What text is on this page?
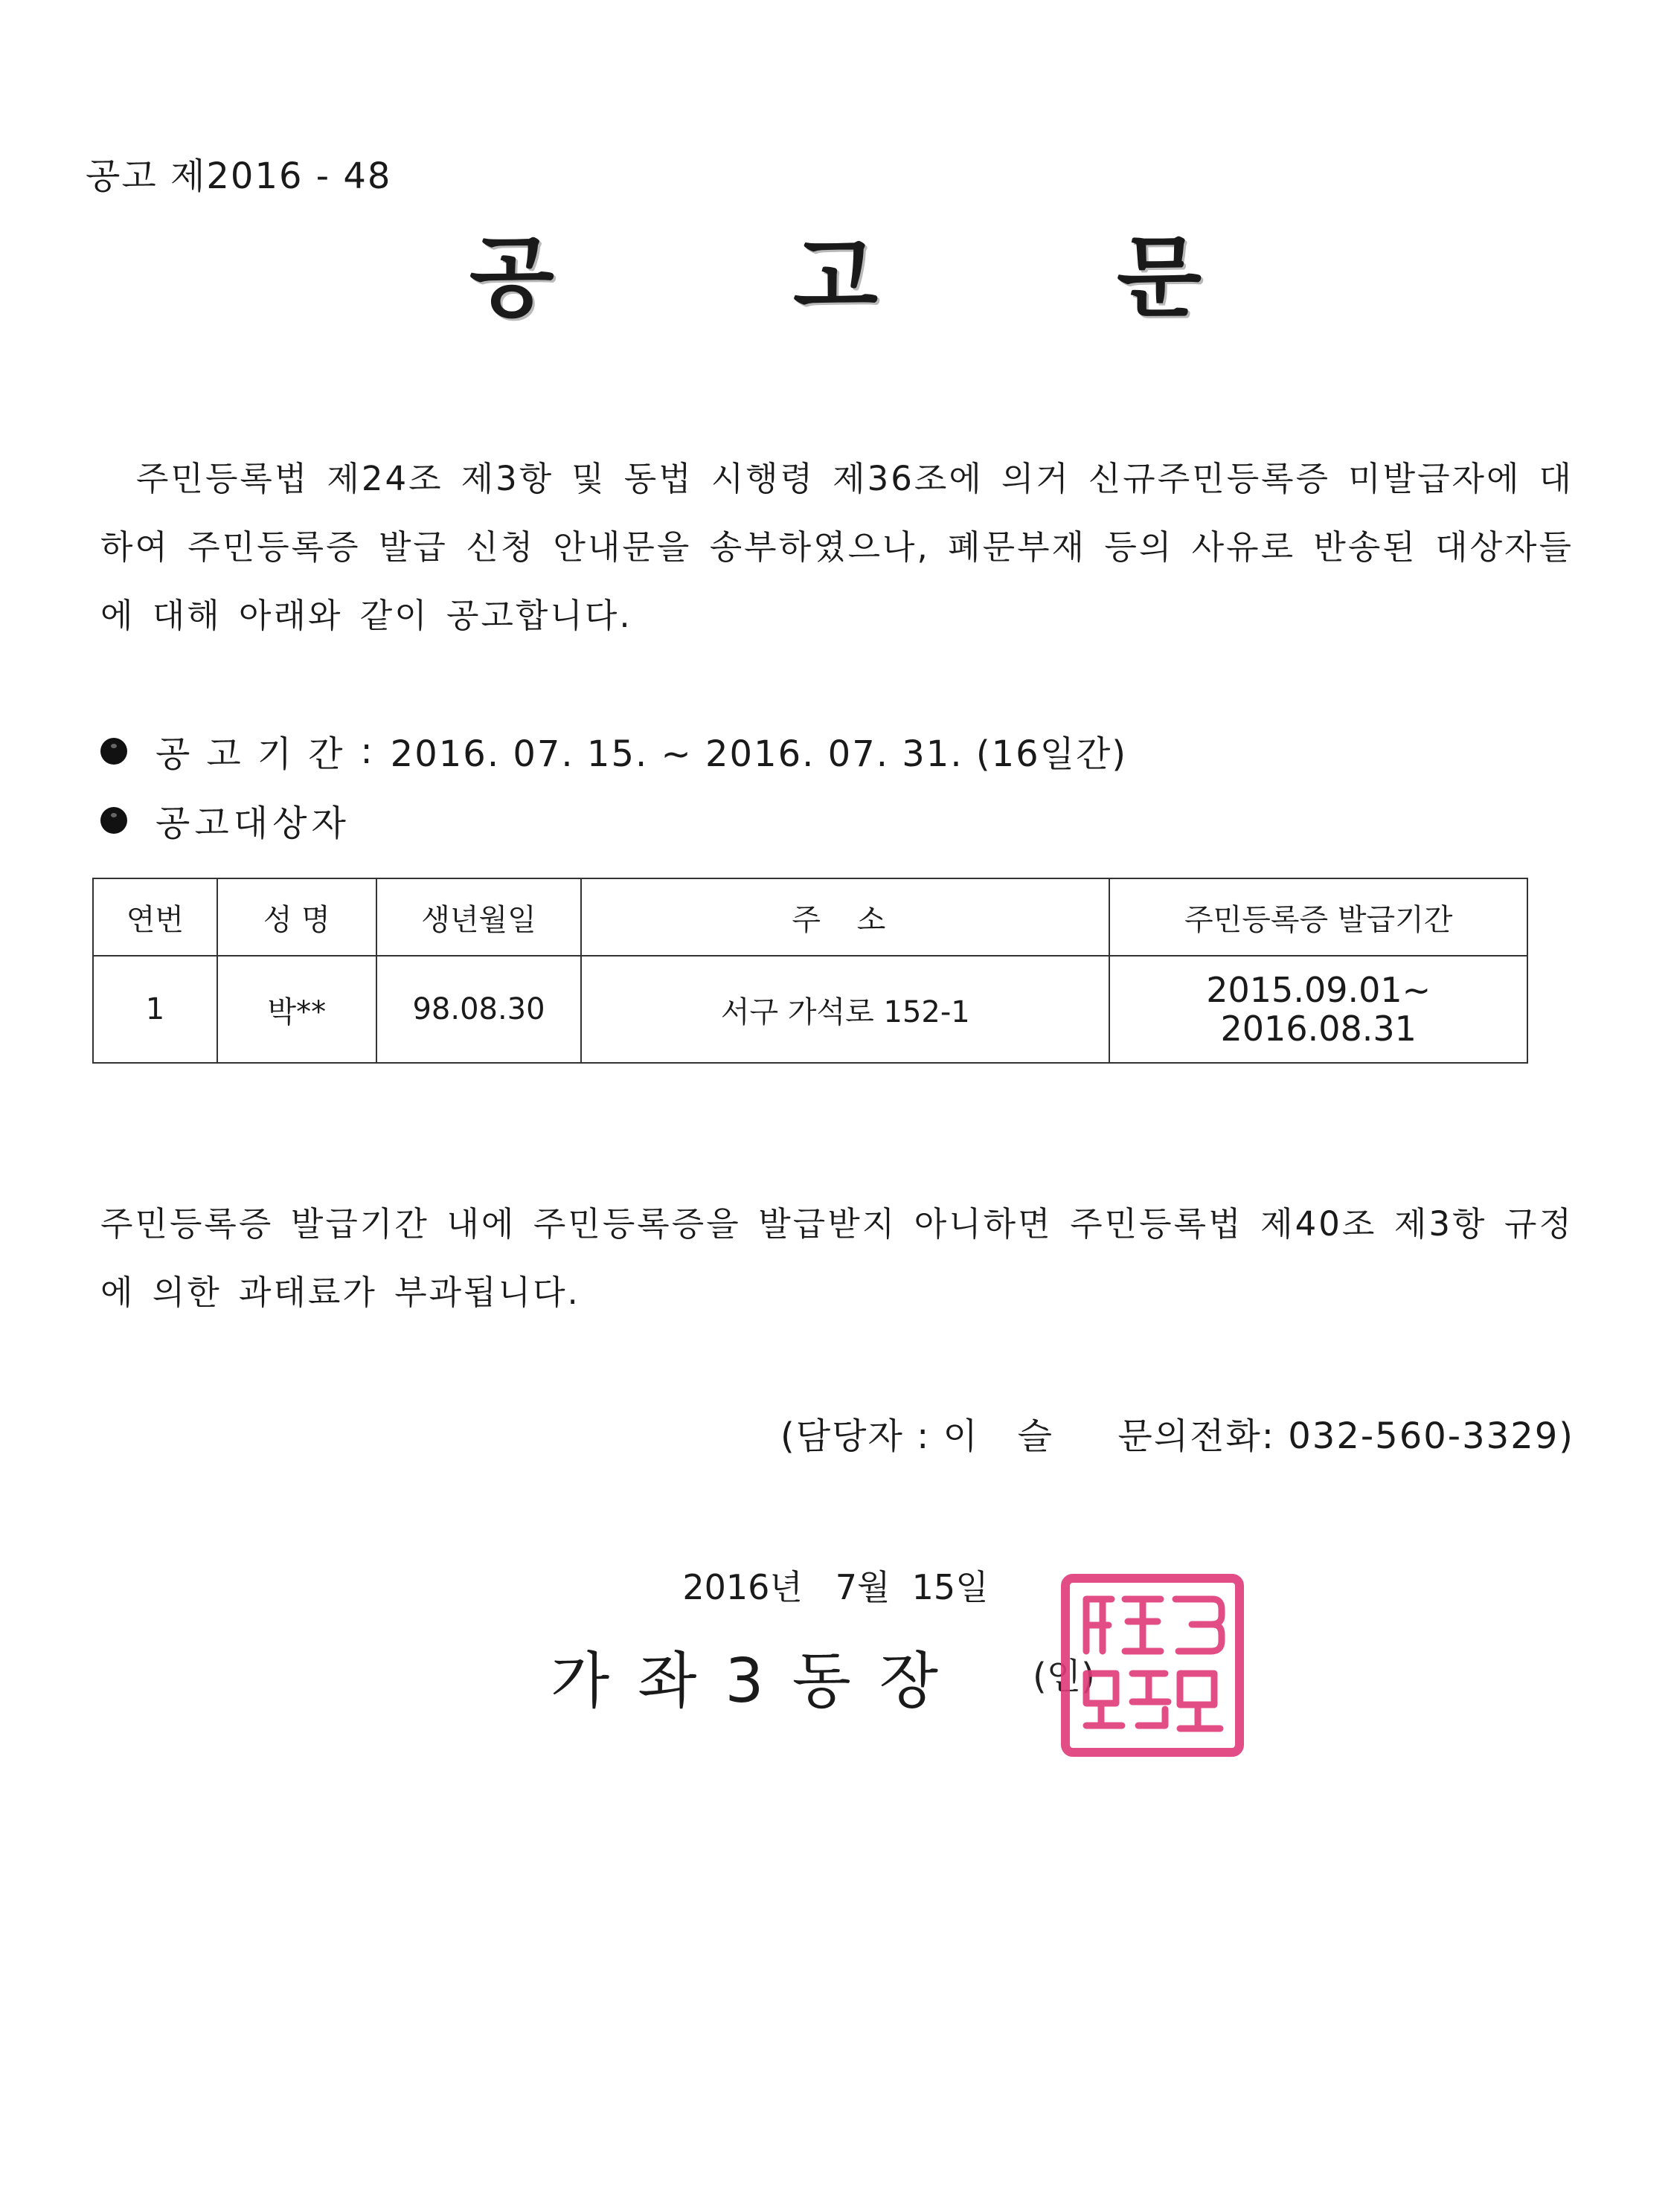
공고 제2016 - 48
공 고 문
주민등록법 제24조 제3항 및 동법 시행령 제36조에 의거 신규주민등록증 미발급자에 대하여 주민등록증 발급 신청 안내문을 송부하였으나, 폐문부재 등의 사유로 반송된 대상자들에 대해 아래와 같이 공고합니다.
공고기간 : 2016. 07. 15. ~ 2016. 07. 31. (16일간)
공고대상자
연번	성 명	생년월일	주 소	주민등록증 발급기간
1	박**	98.08.30	서구 가석로 152-1	2015.09.01~
2016.08.31
주민등록증 발급기간 내에 주민등록증을 발급받지 아니하면 주민등록법 제40조 제3항 규정에 의한 과태료가 부과됩니다.
(담당자 : 이   슬     문의전화: 032-560-3329)
2016년   7월  15일
가좌3동장 (인)
